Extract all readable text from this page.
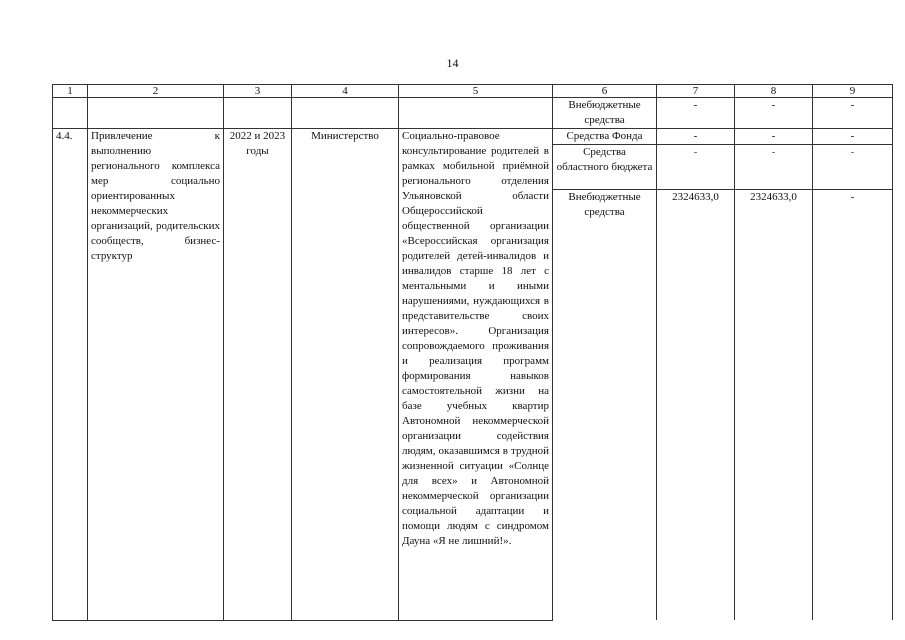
14
1	2	3	4	5	6	7	8	9
					Внебюджетные средства	-	-	-
4.4.	Привлечение к выполнению регионального комплекса мер социально ориентированных некоммерческих организаций, родительских сообществ, бизнес-структур	2022 и 2023 годы	Министерство	Социально-правовое консультирование родителей в рамках мобильной приёмной регионального отделения Ульяновской области Общероссийской общественной организации «Всероссийская организация родителей детей-инвалидов и инвалидов старше 18 лет с ментальными и иными нарушениями, нуждающихся в представительстве своих интересов». Организация сопровождаемого проживания и реализация программ формирования навыков самостоятельной жизни на базе учебных квартир Автономной некоммерческой организации содействия людям, оказавшимся в трудной жизненной ситуации «Солнце для всех» и Автономной некоммерческой организации социальной адаптации и помощи людям с синдромом Дауна «Я не лишний!».	Средства Фонда	-	-	-
					Средства областного бюджета	-	-	-
					Внебюджетные средства	2324633,0	2324633,0	-
